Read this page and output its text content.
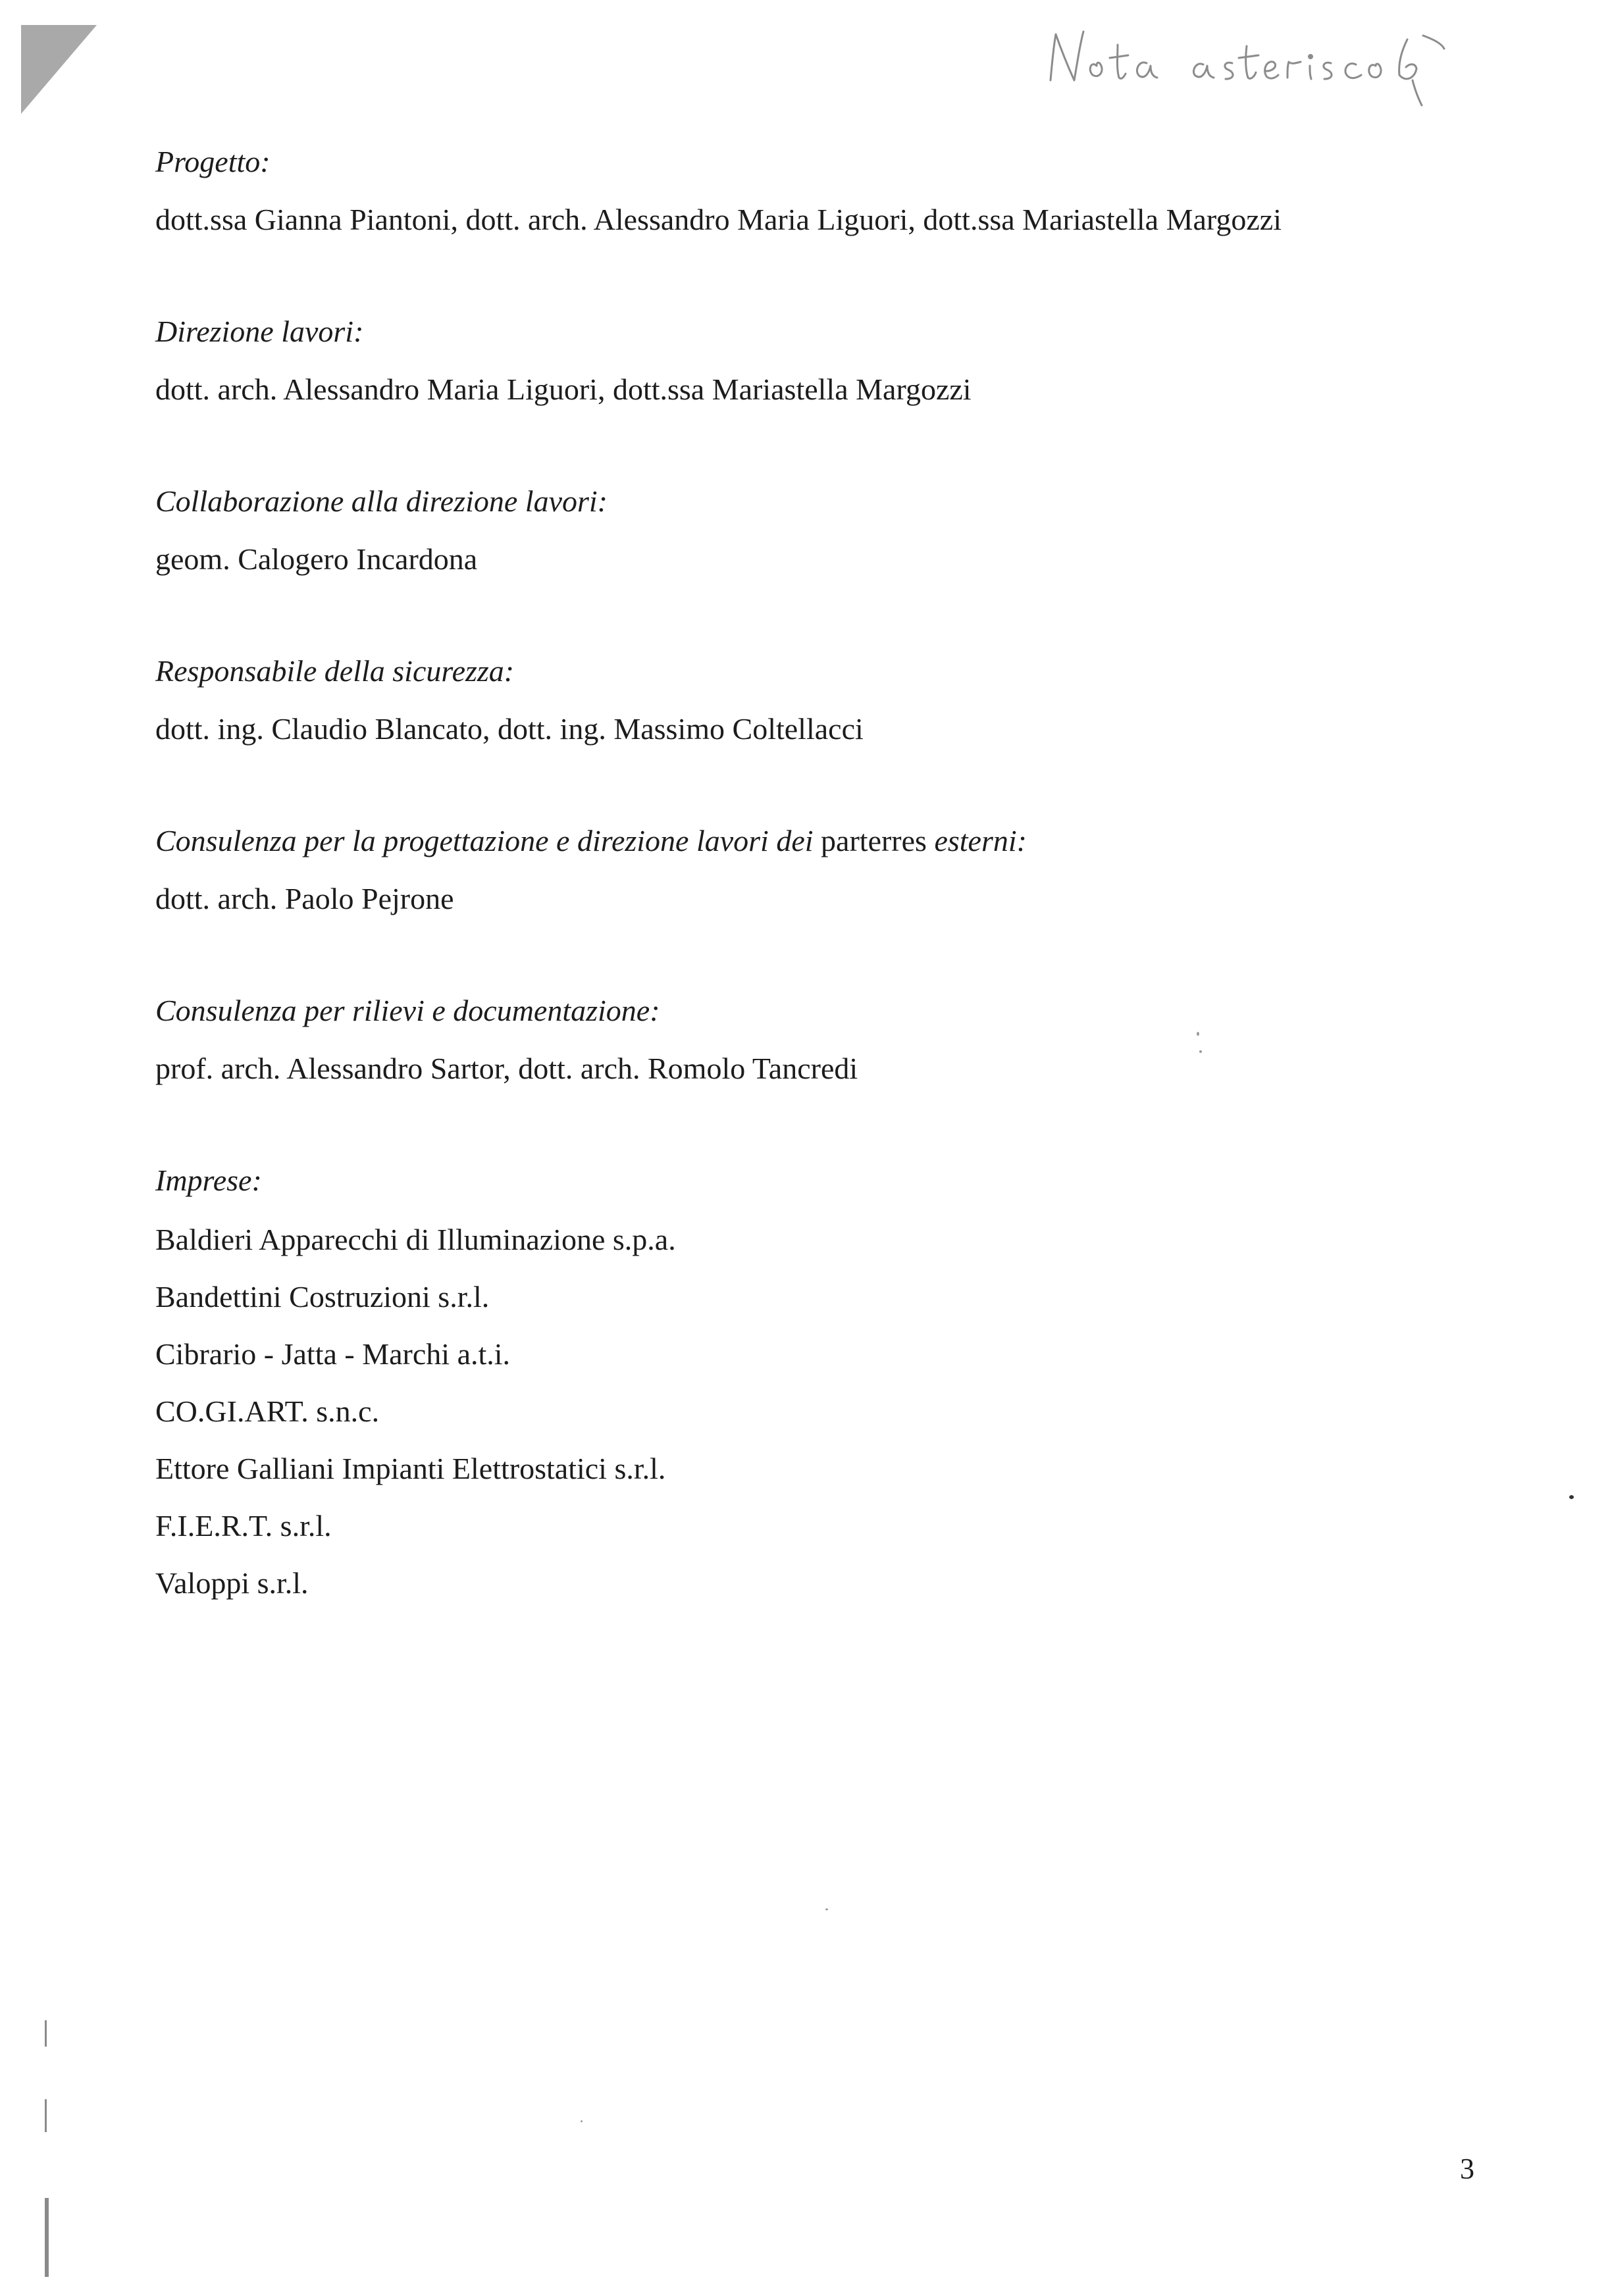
Progetto:
dott.ssa Gianna Piantoni, dott. arch. Alessandro Maria Liguori, dott.ssa Mariastella Margozzi
Direzione lavori:
dott. arch. Alessandro Maria Liguori, dott.ssa Mariastella Margozzi
Collaborazione alla direzione lavori:
geom. Calogero Incardona
Responsabile della sicurezza:
dott. ing. Claudio Blancato, dott. ing. Massimo Coltellacci
Consulenza per la progettazione e direzione lavori dei parterres esterni:
dott. arch. Paolo Pejrone
Consulenza per rilievi e documentazione:
prof. arch. Alessandro Sartor, dott. arch. Romolo Tancredi
Imprese:
Baldieri Apparecchi di Illuminazione s.p.a.
Bandettini Costruzioni s.r.l.
Cibrario - Jatta - Marchi a.t.i.
CO.GI.ART. s.n.c.
Ettore Galliani Impianti Elettrostatici s.r.l.
F.I.E.R.T. s.r.l.
Valoppi s.r.l.
3
